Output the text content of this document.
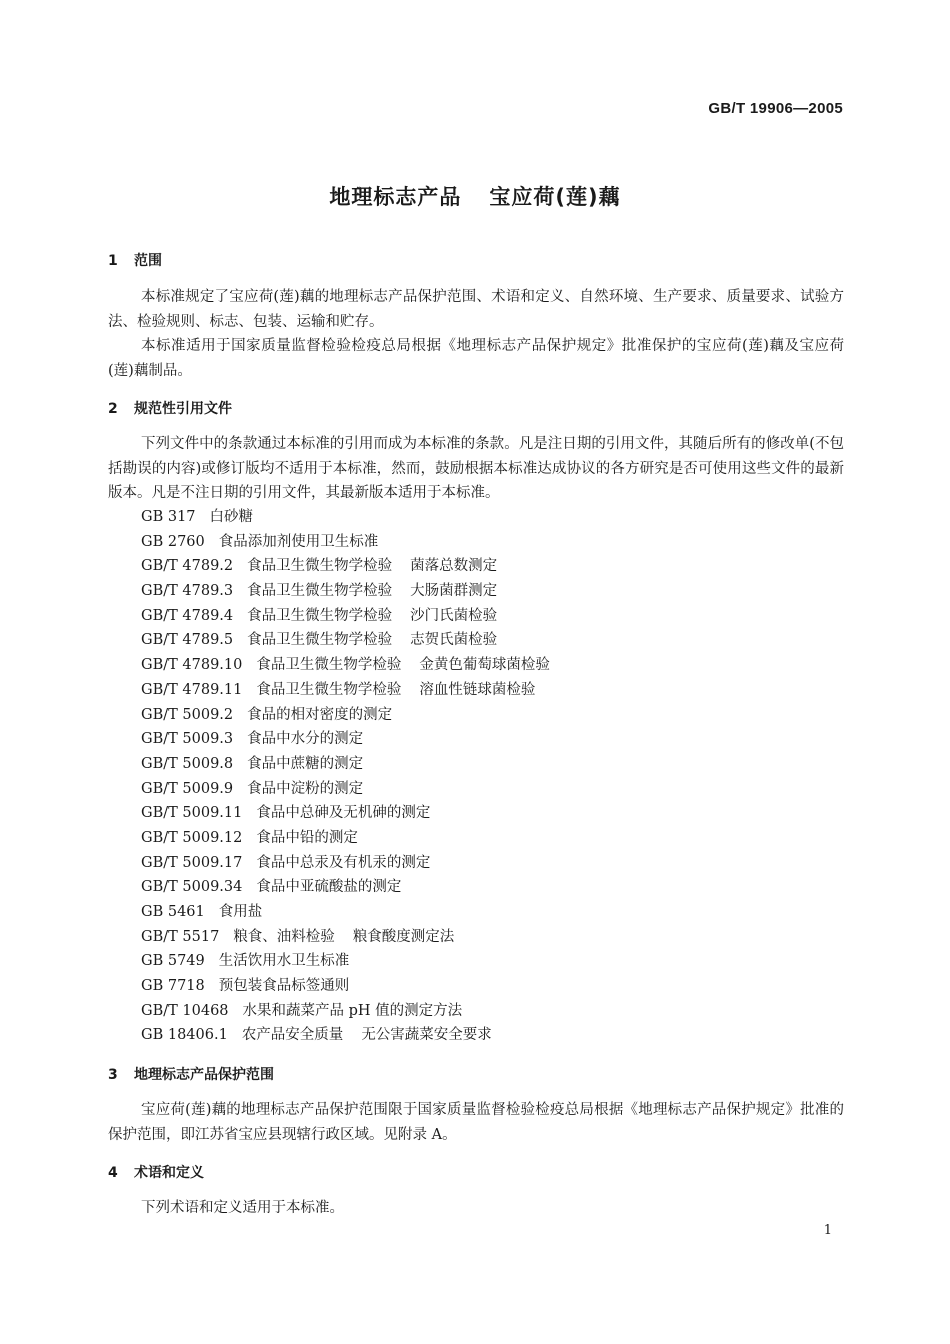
GB/T 19906—2005
地理标志产品 宝应荷(莲)藕
1 范围

本标准规定了宝应荷(莲)藕的地理标志产品保护范围、术语和定义、自然环境、生产要求、质量要求、试验方法、检验规则、标志、包装、运输和贮存。

本标准适用于国家质量监督检验检疫总局根据《地理标志产品保护规定》批准保护的宝应荷(莲)藕及宝应荷(莲)藕制品。

2 规范性引用文件

下列文件中的条款通过本标准的引用而成为本标准的条款。凡是注日期的引用文件，其随后所有的修改单(不包括勘误的内容)或修订版均不适用于本标准，然而，鼓励根据本标准达成协议的各方研究是否可使用这些文件的最新版本。凡是不注日期的引用文件，其最新版本适用于本标准。

GB 317 白砂糖
GB 2760 食品添加剂使用卫生标准
GB/T 4789.2 食品卫生微生物学检验 菌落总数测定
GB/T 4789.3 食品卫生微生物学检验 大肠菌群测定
GB/T 4789.4 食品卫生微生物学检验 沙门氏菌检验
GB/T 4789.5 食品卫生微生物学检验 志贺氏菌检验
GB/T 4789.10 食品卫生微生物学检验 金黄色葡萄球菌检验
GB/T 4789.11 食品卫生微生物学检验 溶血性链球菌检验
GB/T 5009.2 食品的相对密度的测定
GB/T 5009.3 食品中水分的测定
GB/T 5009.8 食品中蔗糖的测定
GB/T 5009.9 食品中淀粉的测定
GB/T 5009.11 食品中总砷及无机砷的测定
GB/T 5009.12 食品中铅的测定
GB/T 5009.17 食品中总汞及有机汞的测定
GB/T 5009.34 食品中亚硫酸盐的测定
GB 5461 食用盐
GB/T 5517 粮食、油料检验 粮食酸度测定法
GB 5749 生活饮用水卫生标准
GB 7718 预包装食品标签通则
GB/T 10468 水果和蔬菜产品 pH 值的测定方法
GB 18406.1 农产品安全质量 无公害蔬菜安全要求
3 地理标志产品保护范围

宝应荷(莲)藕的地理标志产品保护范围限于国家质量监督检验检疫总局根据《地理标志产品保护规定》批准的保护范围，即江苏省宝应县现辖行政区域。见附录 A。

4 术语和定义

下列术语和定义适用于本标准。

1
